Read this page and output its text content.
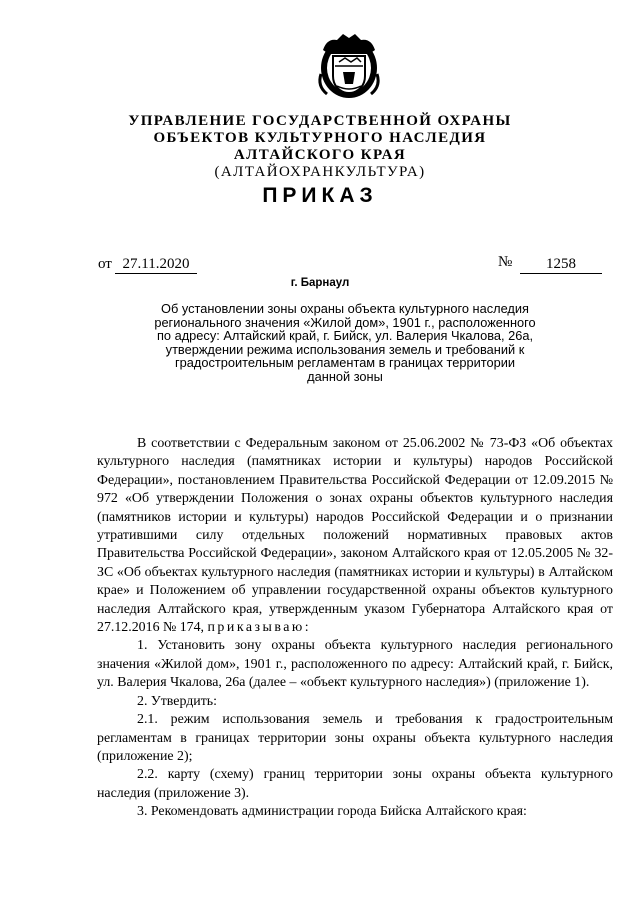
УПРАВЛЕНИЕ ГОСУДАРСТВЕННОЙ ОХРАНЫ

ОБЪЕКТОВ КУЛЬТУРНОГО НАСЛЕДИЯ

АЛТАЙСКОГО КРАЯ

(АЛТАЙОХРАНКУЛЬТУРА)

ПРИКАЗ
от 27.11.2020	№	1258
г. Барнаул
Об установлении зоны охраны объекта культурного наследия
регионального значения «Жилой дом», 1901 г., расположенного
по адресу: Алтайский край, г. Бийск, ул. Валерия Чкалова, 26а,
утверждении режима использования земель и требований к
градостроительным регламентам в границах территории
данной зоны

В соответствии с Федеральным законом от 25.06.2002 № 73-ФЗ «Об объектах культурного наследия (памятниках истории и культуры) народов Российской Федерации», постановлением Правительства Российской Федерации от 12.09.2015 № 972 «Об утверждении Положения о зонах охраны объектов культурного наследия (памятников истории и культуры) народов Российской Федерации и о признании утратившими силу отдельных положений нормативных правовых актов Правительства Российской Федерации», законом Алтайского края от 12.05.2005 № 32-ЗС «Об объектах культурного наследия (памятниках истории и культуры) в Алтайском крае» и Положением об управлении государственной охраны объектов культурного наследия Алтайского края, утвержденным указом Губернатора Алтайского края от 27.12.2016 № 174, приказываю:

1. Установить зону охраны объекта культурного наследия регионального значения «Жилой дом», 1901 г., расположенного по адресу: Алтайский край, г. Бийск, ул. Валерия Чкалова, 26а (далее – «объект культурного наследия») (приложение 1).

2. Утвердить:

2.1. режим использования земель и требования к градостроительным регламентам в границах территории зоны охраны объекта культурного наследия (приложение 2);

2.2. карту (схему) границ территории зоны охраны объекта культурного наследия (приложение 3).

3. Рекомендовать администрации города Бийска Алтайского края:
